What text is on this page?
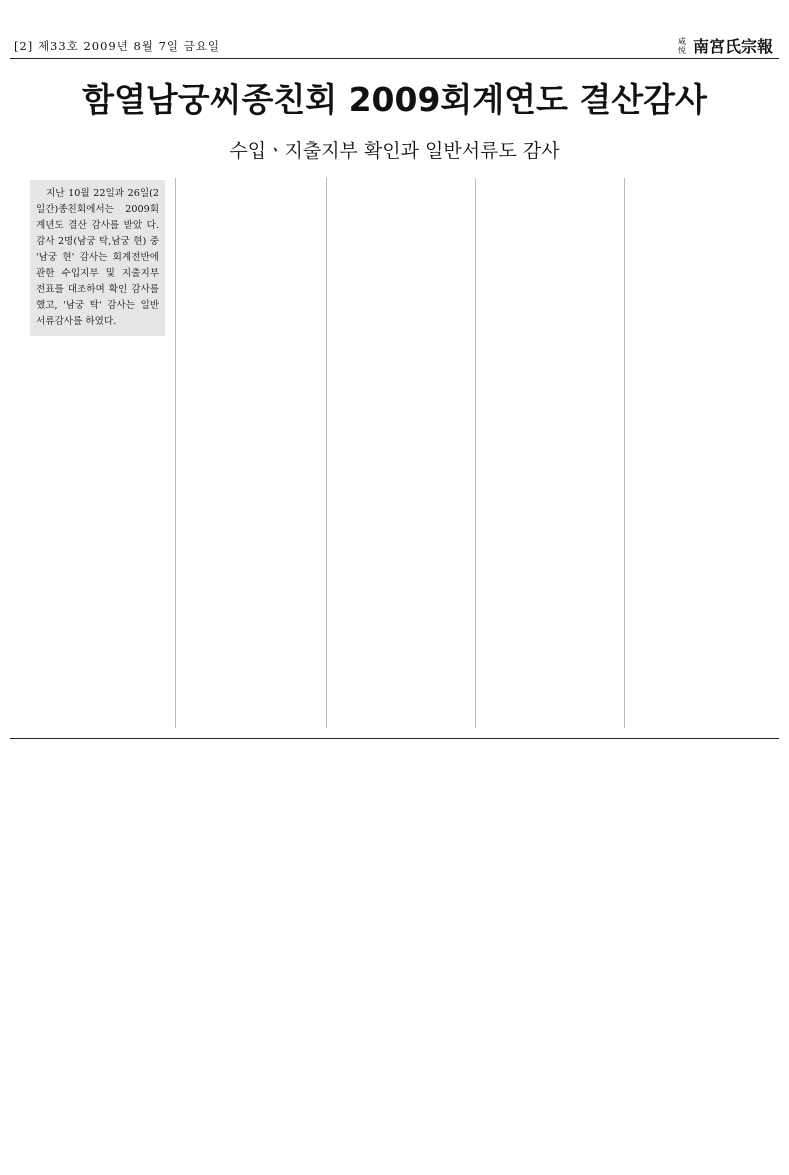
[2] 제33호 2009년 8월 7일 금요일	咸悦 南宮氏宗報
함열남궁씨종친회 2009회계연도 결산감사
수입ㆍ지출지부 확인과 일반서류도 감사

지난 10월 22일과 26일(2일간)종친회에서는 2009회계년도 결산 감사를 받았 다. 감사 2명(남궁 탁,남궁 현) 중 '남궁 현' 감사는 회계전반에 관한 수입지부 및 지출지부 전표를 대조하며 확인 감사를 했고, '남궁 탁' 감사는 일반 서류감사를 하였다.
